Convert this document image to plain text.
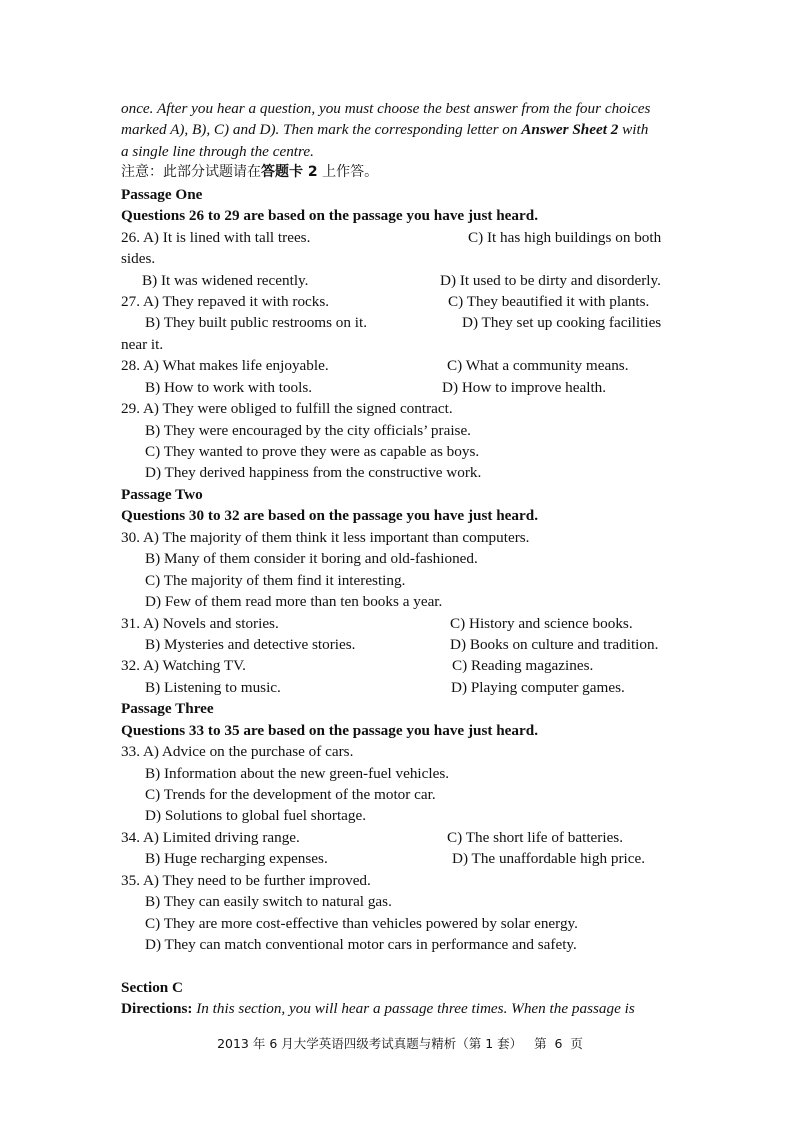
once. After you hear a question, you must choose the best answer from the four choices
marked A), B), C) and D). Then mark the corresponding letter on Answer Sheet 2 with
a single line through the centre.
注意：此部分试题请在答题卡 2 上作答。
Passage One
Questions 26 to 29 are based on the passage you have just heard.
26. A) It is lined with tall trees.	C) It has high buildings on both
sides.
B) It was widened recently.	D) It used to be dirty and disorderly.
27. A) They repaved it with rocks.	C) They beautified it with plants.
B) They built public restrooms on it.	D) They set up cooking facilities
near it.
28. A) What makes life enjoyable.	C) What a community means.
B) How to work with tools.	D) How to improve health.
29. A) They were obliged to fulfill the signed contract.
B) They were encouraged by the city officials’ praise.
C) They wanted to prove they were as capable as boys.
D) They derived happiness from the constructive work.
Passage Two
Questions 30 to 32 are based on the passage you have just heard.
30. A) The majority of them think it less important than computers.
B) Many of them consider it boring and old-fashioned.
C) The majority of them find it interesting.
D) Few of them read more than ten books a year.
31. A) Novels and stories.	C) History and science books.
B) Mysteries and detective stories.	D) Books on culture and tradition.
32. A) Watching TV.	C) Reading magazines.
B) Listening to music.	D) Playing computer games.
Passage Three
Questions 33 to 35 are based on the passage you have just heard.
33. A) Advice on the purchase of cars.
B) Information about the new green-fuel vehicles.
C) Trends for the development of the motor car.
D) Solutions to global fuel shortage.
34. A) Limited driving range.	C) The short life of batteries.
B) Huge recharging expenses.	D) The unaffordable high price.
35. A) They need to be further improved.
B) They can easily switch to natural gas.
C) They are more cost-effective than vehicles powered by solar energy.
D) They can match conventional motor cars in performance and safety.
Section C
Directions: In this section, you will hear a passage three times. When the passage is
2013 年 6 月大学英语四级考试真题与精析（第 1 套）   第  6  页
